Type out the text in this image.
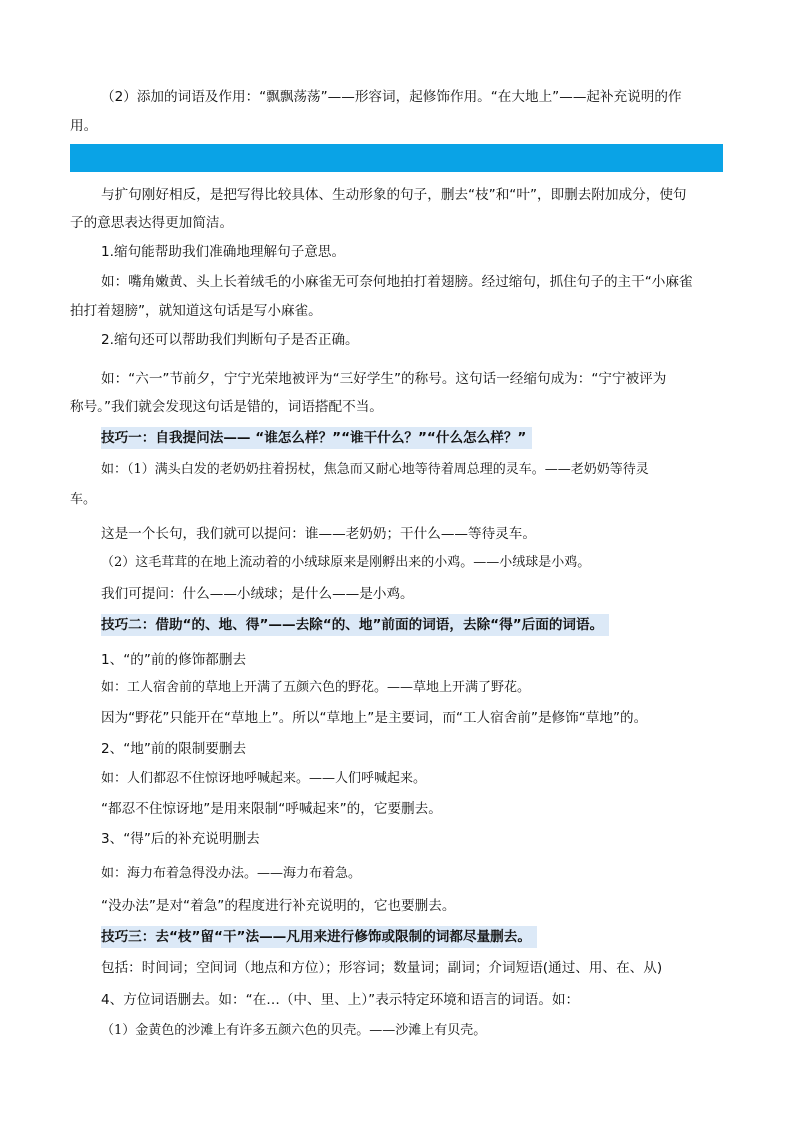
（2）添加的词语及作用：“飘飘荡荡”——形容词，起修饰作用。“在大地上”——起补充说明的作
用。
与扩句刚好相反，是把写得比较具体、生动形象的句子，删去“枝”和“叶”，即删去附加成分，使句
子的意思表达得更加简洁。
1.缩句能帮助我们准确地理解句子意思。
如：嘴角嫩黄、头上长着绒毛的小麻雀无可奈何地拍打着翅膀。经过缩句，抓住句子的主干“小麻雀
拍打着翅膀”，就知道这句话是写小麻雀。
2.缩句还可以帮助我们判断句子是否正确。
如：“六一”节前夕，宁宁光荣地被评为“三好学生”的称号。这句话一经缩句成为：“宁宁被评为
称号。”我们就会发现这句话是错的，词语搭配不当。
技巧一：自我提问法—— “谁怎么样？”“谁干什么？”“什么怎么样？”
如：（1）满头白发的老奶奶拄着拐杖，焦急而又耐心地等待着周总理的灵车。——老奶奶等待灵
车。
这是一个长句，我们就可以提问：谁——老奶奶；干什么——等待灵车。
（2）这毛茸茸的在地上流动着的小绒球原来是刚孵出来的小鸡。——小绒球是小鸡。
我们可提问：什么——小绒球；是什么——是小鸡。
技巧二：借助“的、地、得”——去除“的、地”前面的词语，去除“得”后面的词语。
1、“的”前的修饰都删去
如：工人宿舍前的草地上开满了五颜六色的野花。——草地上开满了野花。
因为“野花”只能开在“草地上”。所以“草地上”是主要词，而“工人宿舍前”是修饰“草地”的。
2、“地”前的限制要删去
如：人们都忍不住惊讶地呼喊起来。——人们呼喊起来。
“都忍不住惊讶地”是用来限制“呼喊起来”的，它要删去。
3、“得”后的补充说明删去
如：海力布着急得没办法。——海力布着急。
“没办法”是对“着急”的程度进行补充说明的，它也要删去。
技巧三：去“枝”留“干”法——凡用来进行修饰或限制的词都尽量删去。
包括：时间词；空间词（地点和方位）；形容词；数量词；副词；介词短语(通过、用、在、从)
4、方位词语删去。如：“在…（中、里、上）”表示特定环境和语言的词语。如：
（1）金黄色的沙滩上有许多五颜六色的贝壳。——沙滩上有贝壳。
